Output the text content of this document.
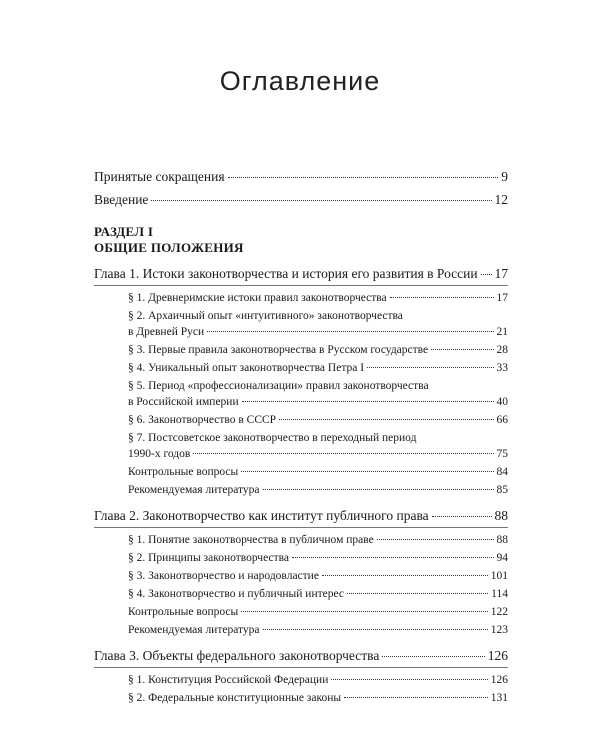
Оглавление
Принятые сокращения	9
Введение	12
РАЗДЕЛ I
ОБЩИЕ ПОЛОЖЕНИЯ
Глава 1. Истоки законотворчества и история его развития в России 17
§ 1. Древнеримские истоки правил законотворчества	17
§ 2. Архаичный опыт «интуитивного» законотворчества
в Древней Руси	21
§ 3. Первые правила законотворчества в Русском государстве	28
§ 4. Уникальный опыт законотворчества Петра I	33
§ 5. Период «профессионализации» правил законотворчества
в Российской империи	40
§ 6. Законотворчество в СССР	66
§ 7. Постсоветское законотворчество в переходный период
1990-х годов	75
Контрольные вопросы	84
Рекомендуемая литература	85
Глава 2. Законотворчество как институт публичного права	88
§ 1. Понятие законотворчества в публичном праве	88
§ 2. Принципы законотворчества	94
§ 3. Законотворчество и народовластие	101
§ 4. Законотворчество и публичный интерес	114
Контрольные вопросы	122
Рекомендуемая литература	123
Глава 3. Объекты федерального законотворчества	126
§ 1. Конституция Российской Федерации	126
§ 2. Федеральные конституционные законы	131
